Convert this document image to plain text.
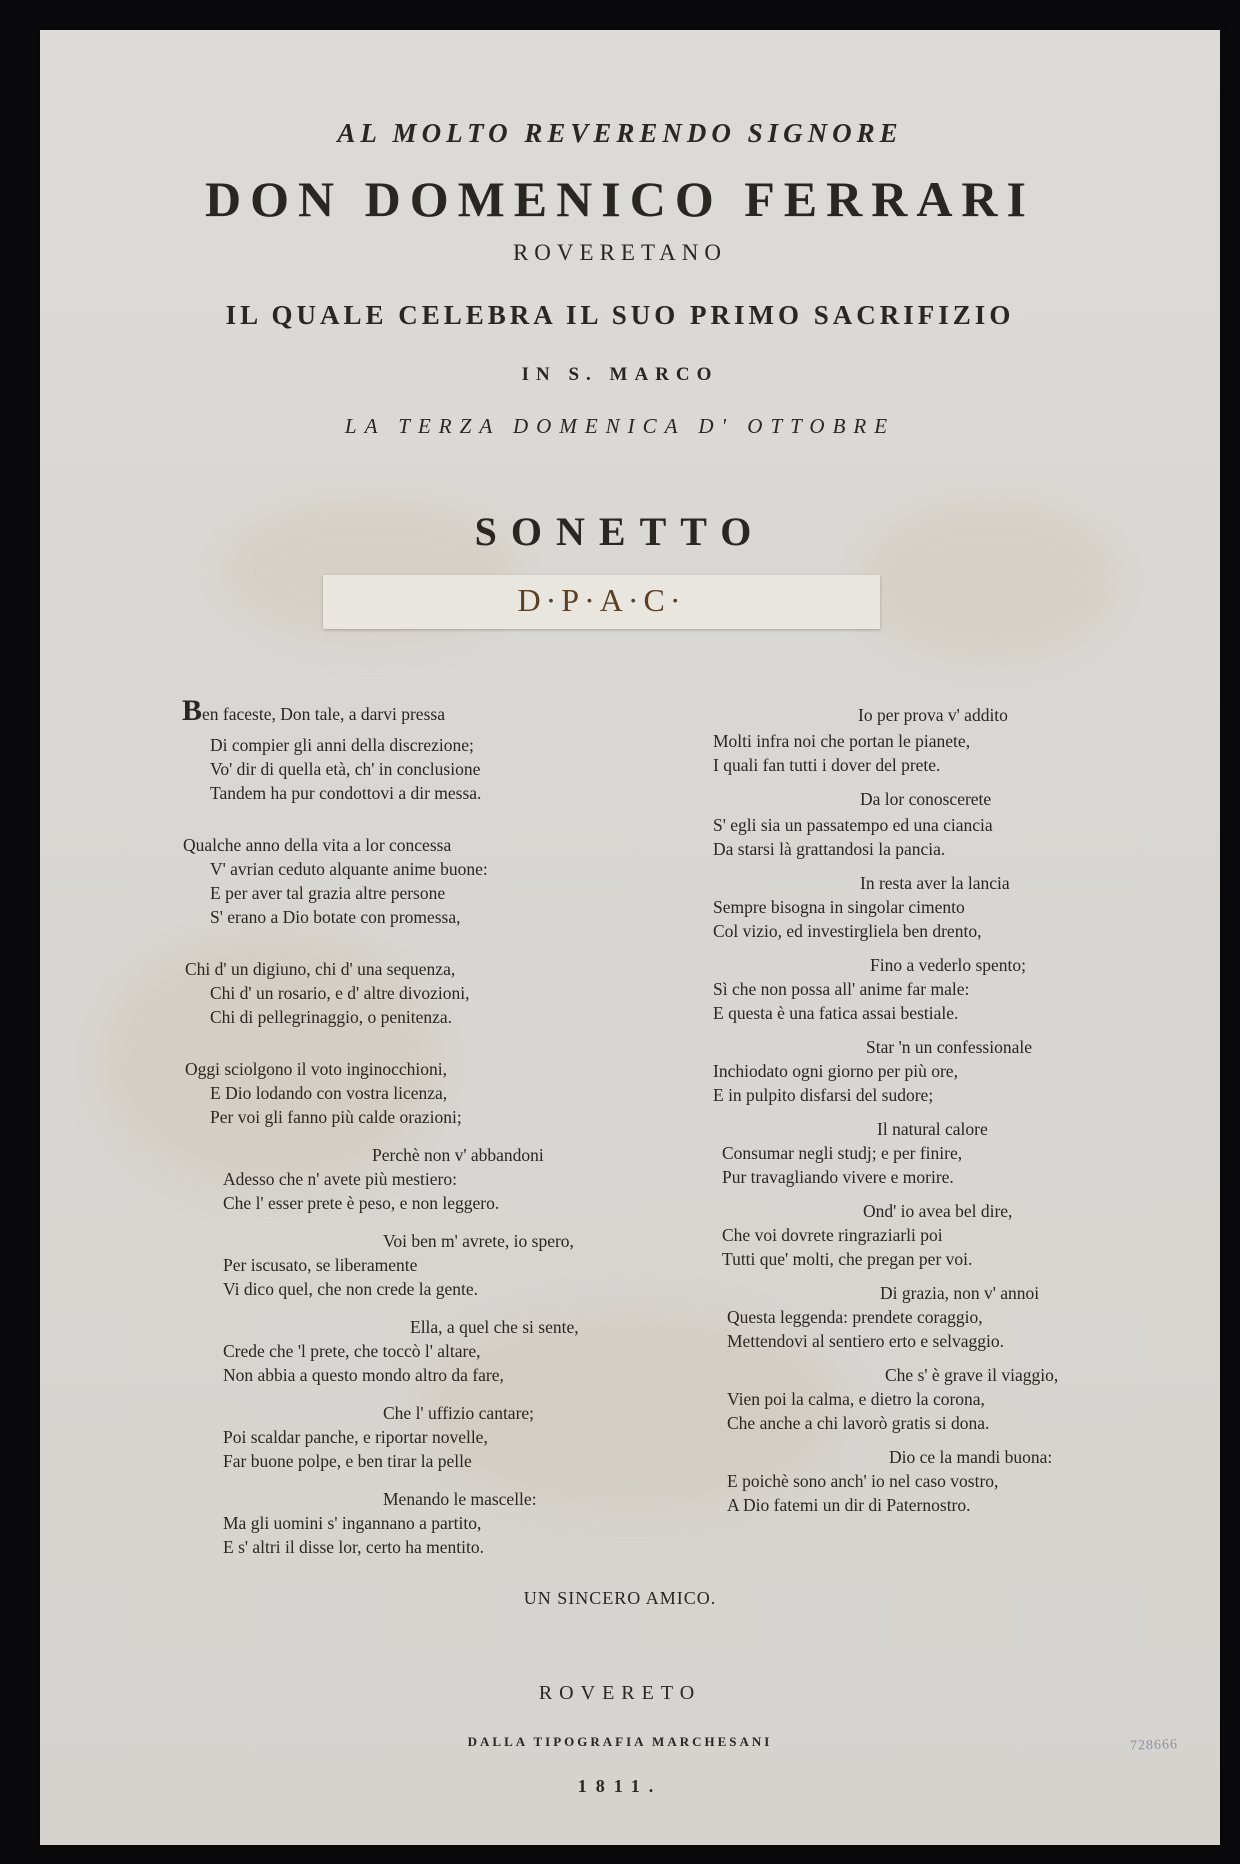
AL MOLTO REVERENDO SIGNORE
DON DOMENICO FERRARI
ROVERETANO
IL QUALE CELEBRA IL SUO PRIMO SACRIFIZIO
IN S. MARCO
LA TERZA DOMENICA D' OTTOBRE
SONETTO
D·P·A·C·
Ben faceste, Don tale, a darvi pressa
Di compier gli anni della discrezione;
Vo' dir di quella età, ch' in conclusione
Tandem ha pur condottovi a dir messa.
Qualche anno della vita a lor concessa
V' avrian ceduto alquante anime buone:
E per aver tal grazia altre persone
S' erano a Dio botate con promessa,
Chi d' un digiuno, chi d' una sequenza,
Chi d' un rosario, e d' altre divozioni,
Chi di pellegrinaggio, o penitenza.
Oggi sciolgono il voto inginocchioni,
E Dio lodando con vostra licenza,
Per voi gli fanno più calde orazioni;
Perchè non v' abbandoni
Adesso che n' avete più mestiero:
Che l' esser prete è peso, e non leggero.
Voi ben m' avrete, io spero,
Per iscusato, se liberamente
Vi dico quel, che non crede la gente.
Ella, a quel che si sente,
Crede che 'l prete, che toccò l' altare,
Non abbia a questo mondo altro da fare,
Che l' uffizio cantare;
Poi scaldar panche, e riportar novelle,
Far buone polpe, e ben tirar la pelle
Menando le mascelle:
Ma gli uomini s' ingannano a partito,
E s' altri il disse lor, certo ha mentito.
Io per prova v' addito
Molti infra noi che portan le pianete,
I quali fan tutti i dover del prete.
Da lor conoscerete
S' egli sia un passatempo ed una ciancia
Da starsi là grattandosi la pancia.
In resta aver la lancia
Sempre bisogna in singolar cimento
Col vizio, ed investirgliela ben drento,
Fino a vederlo spento;
Sì che non possa all' anime far male:
E questa è una fatica assai bestiale.
Star 'n un confessionale
Inchiodato ogni giorno per più ore,
E in pulpito disfarsi del sudore;
Il natural calore
Consumar negli studj; e per finire,
Pur travagliando vivere e morire.
Ond' io avea bel dire,
Che voi dovrete ringraziarli poi
Tutti que' molti, che pregan per voi.
Di grazia, non v' annoi
Questa leggenda: prendete coraggio,
Mettendovi al sentiero erto e selvaggio.
Che s' è grave il viaggio,
Vien poi la calma, e dietro la corona,
Che anche a chi lavorò gratis si dona.
Dio ce la mandi buona:
E poichè sono anch' io nel caso vostro,
A Dio fatemi un dir di Paternostro.
UN SINCERO AMICO.
ROVERETO
DALLA TIPOGRAFIA MARCHESANI
1811.
728666
